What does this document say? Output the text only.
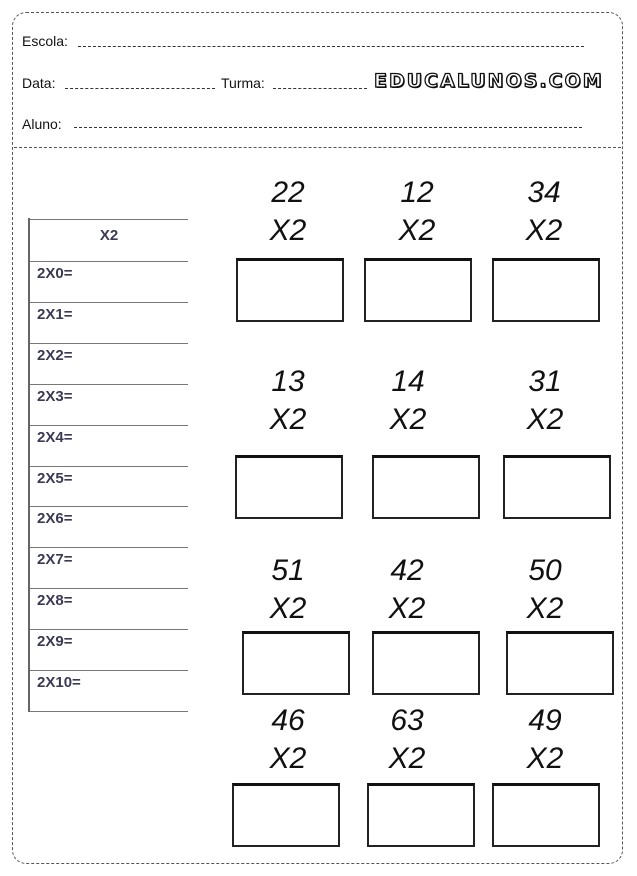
Escola:
Data:	Turma:	EDUCALUNOS.COM
Aluno:
X2
2X0=
2X1=
2X2=
2X3=
2X4=
2X5=
2X6=
2X7=
2X8=
2X9=
2X10=
22
X2
12
X2
34
X2
13
X2
14
X2
31
X2
51
X2
42
X2
50
X2
46
X2
63
X2
49
X2
